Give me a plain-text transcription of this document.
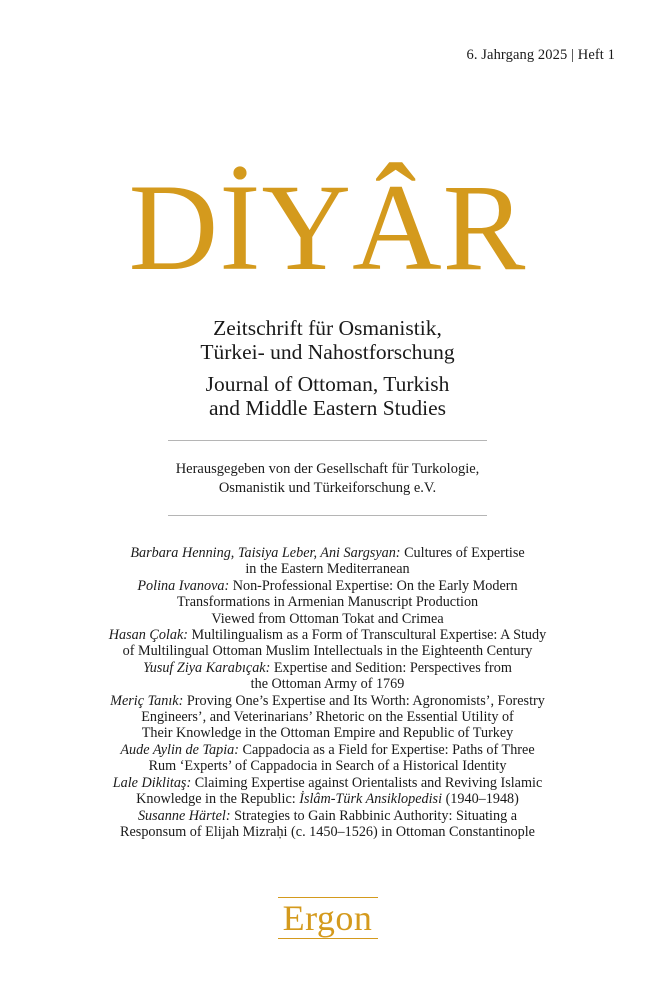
6. Jahrgang 2025 | Heft 1
DİYÂR
Zeitschrift für Osmanistik,
Türkei- und Nahostforschung
Journal of Ottoman, Turkish
and Middle Eastern Studies
Herausgegeben von der Gesellschaft für Turkologie,
Osmanistik und Türkeiforschung e.V.
Barbara Henning, Taisiya Leber, Ani Sargsyan: Cultures of Expertise
in the Eastern Mediterranean
Polina Ivanova: Non-Professional Expertise: On the Early Modern
Transformations in Armenian Manuscript Production
Viewed from Ottoman Tokat and Crimea
Hasan Çolak: Multilingualism as a Form of Transcultural Expertise: A Study
of Multilingual Ottoman Muslim Intellectuals in the Eighteenth Century
Yusuf Ziya Karabıçak: Expertise and Sedition: Perspectives from
the Ottoman Army of 1769
Meriç Tanık: Proving One’s Expertise and Its Worth: Agronomists’, Forestry
Engineers’, and Veterinarians’ Rhetoric on the Essential Utility of
Their Knowledge in the Ottoman Empire and Republic of Turkey
Aude Aylin de Tapia: Cappadocia as a Field for Expertise: Paths of Three
Rum ‘Experts’ of Cappadocia in Search of a Historical Identity
Lale Diklitaş: Claiming Expertise against Orientalists and Reviving Islamic
Knowledge in the Republic: İslâm-Türk Ansiklopedisi (1940–1948)
Susanne Härtel: Strategies to Gain Rabbinic Authority: Situating a
Responsum of Elijah Mizraḥi (c. 1450–1526) in Ottoman Constantinople
Ergon
